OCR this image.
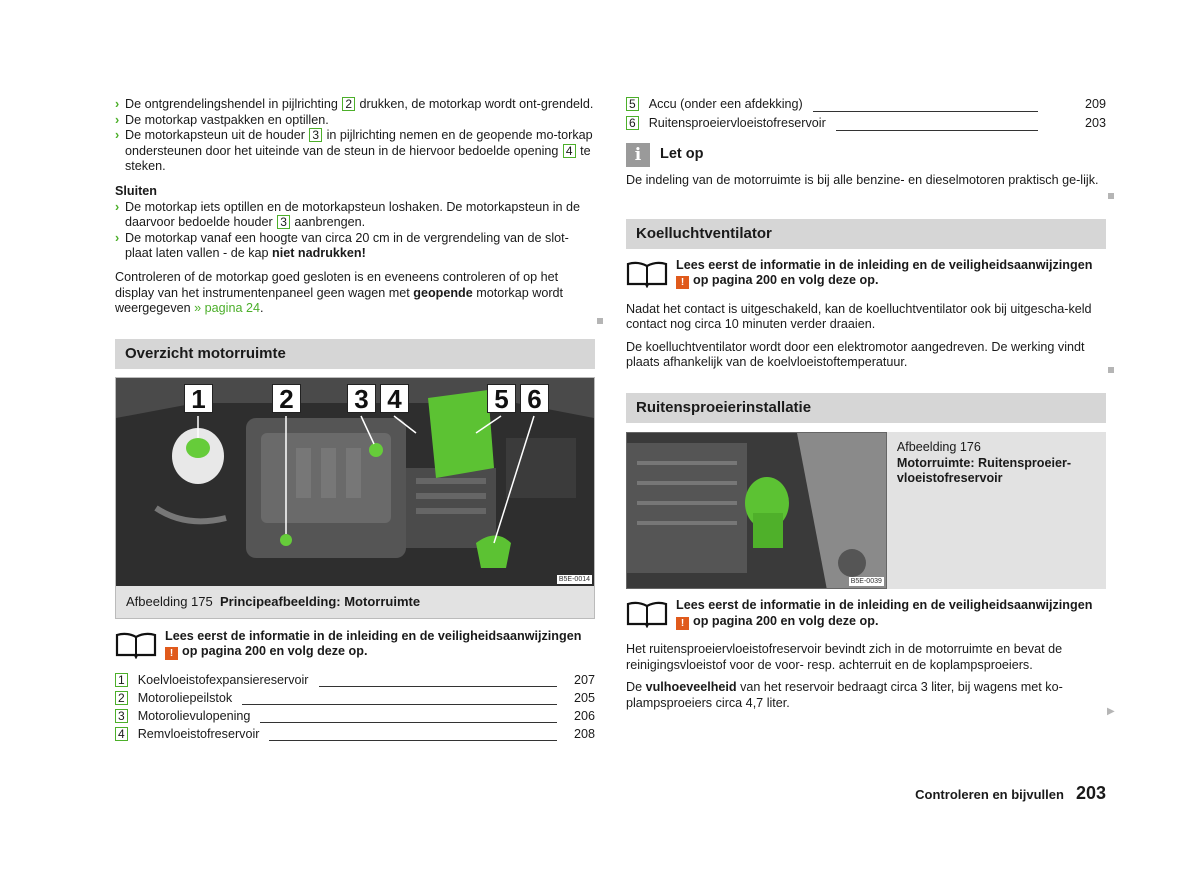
› De ontgrendelingshendel in pijlrichting 2 drukken, de motorkap wordt ont-grendeld.

› De motorkap vastpakken en optillen.

› De motorkapsteun uit de houder 3 in pijlrichting nemen en de geopende mo-torkap ondersteunen door het uiteinde van de steun in de hiervoor bedoelde opening 4 te steken.

Sluiten

› De motorkap iets optillen en de motorkapsteun loshaken. De motorkapsteun in de daarvoor bedoelde houder 3 aanbrengen.

› De motorkap vanaf een hoogte van circa 20 cm in de vergrendeling van de slot-plaat laten vallen - de kap niet nadrukken!

Controleren of de motorkap goed gesloten is en eveneens controleren of op het display van het instrumentenpaneel geen wagen met geopende motorkap wordt weergegeven » pagina 24.

Overzicht motorruimte
1	2 3 4	5 6
B5E-0014
Afbeelding 175 Principeafbeelding: Motorruimte
Lees eerst de informatie in de inleiding en de veiligheidsaanwijzingen
! op pagina 200 en volg deze op.
1 Koelvloeistofexpansiereservoir	207
2 Motoroliepeilstok	205
3 Motorolievulopening	206
4 Remvloeistofreservoir	208
5 Accu (onder een afdekking)	209
6 Ruitensproeiervloeistofreservoir	203
i	Let op

De indeling van de motorruimte is bij alle benzine- en dieselmotoren praktisch ge-lijk.

Koelluchtventilator
Lees eerst de informatie in de inleiding en de veiligheidsaanwijzingen
! op pagina 200 en volg deze op.

Nadat het contact is uitgeschakeld, kan de koelluchtventilator ook bij uitgescha-keld contact nog circa 10 minuten verder draaien.

De koelluchtventilator wordt door een elektromotor aangedreven. De werking vindt plaats afhankelijk van de koelvloeistoftemperatuur.

Ruitensproeierinstallatie
B5E-0039
Afbeelding 176
Motorruimte: Ruitensproeier-vloeistofreservoir
Lees eerst de informatie in de inleiding en de veiligheidsaanwijzingen
! op pagina 200 en volg deze op.

Het ruitensproeiervloeistofreservoir bevindt zich in de motorruimte en bevat de reinigingsvloeistof voor de voor- resp. achterruit en de koplampsproeiers.

De vulhoeveelheid van het reservoir bedraagt circa 3 liter, bij wagens met ko-plampsproeiers circa 4,7 liter.

▶
Controleren en bijvullen 203
